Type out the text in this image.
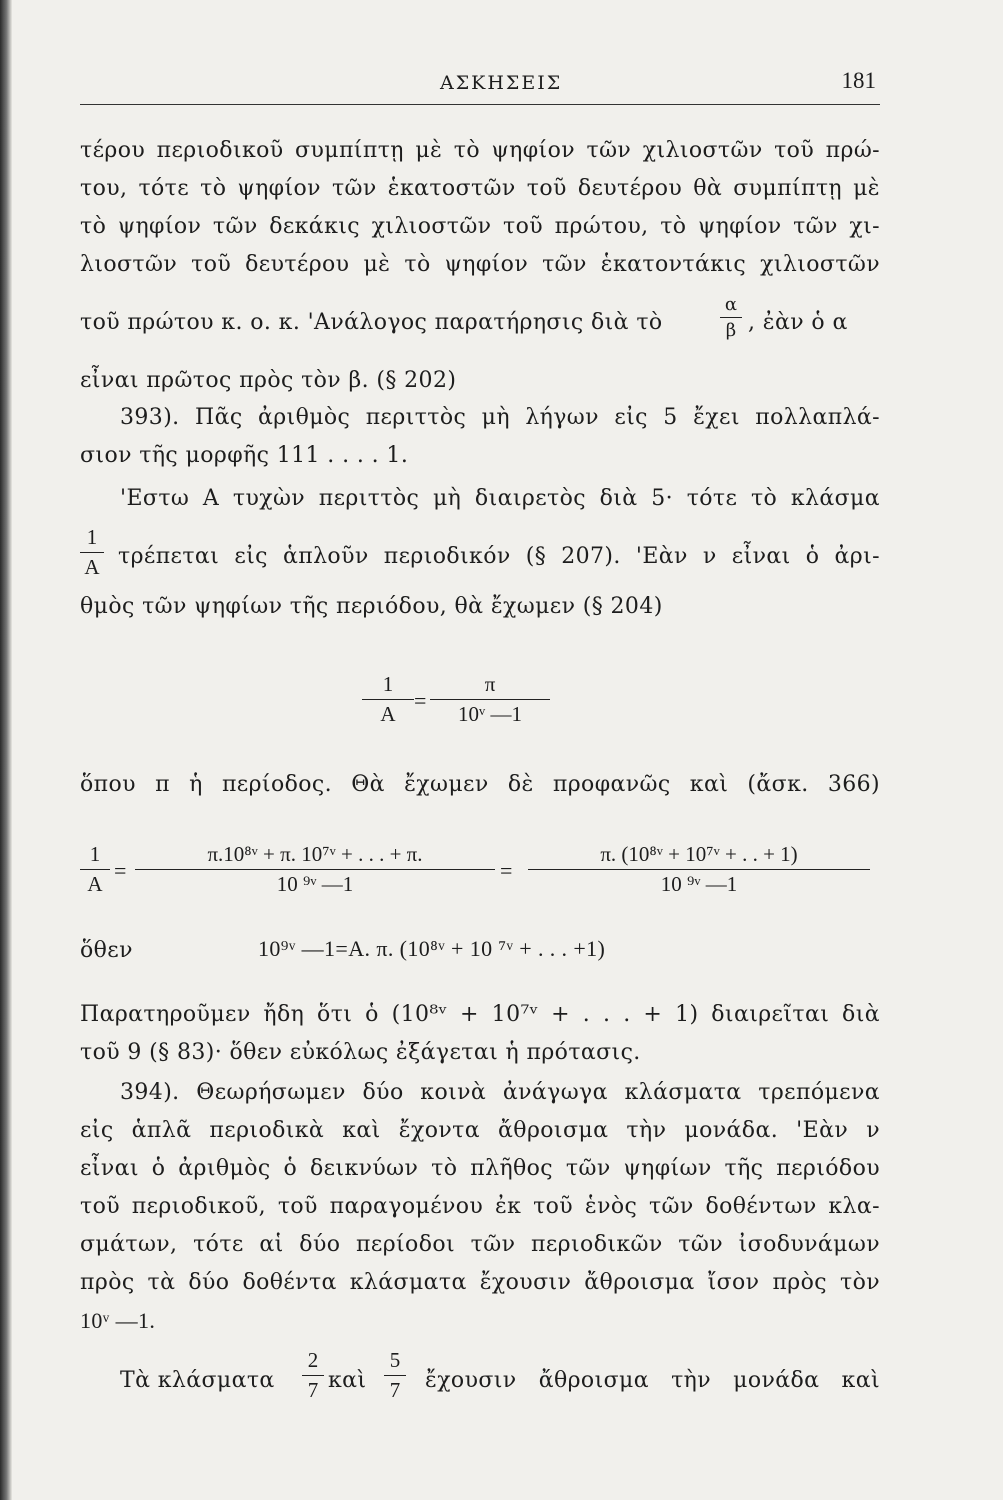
ΑΣΚΗΣΕΙΣ	181
τέρου περιοδικοῦ συμπίπτῃ μὲ τὸ ψηφίον τῶν χιλιοστῶν τοῦ πρώ-
του, τότε τὸ ψηφίον τῶν ἑκατοστῶν τοῦ δευτέρου θὰ συμπίπτῃ μὲ
τὸ ψηφίον τῶν δεκάκις χιλιοστῶν τοῦ πρώτου, τὸ ψηφίον τῶν χι-
λιοστῶν τοῦ δευτέρου μὲ τὸ ψηφίον τῶν ἑκατοντάκις χιλιοστῶν
τοῦ πρώτου κ. ο. κ. 'Ανάλογος παρατήρησις διὰ τὸ
α
β , ἐὰν ὁ α
εἶναι πρῶτος πρὸς τὸν β. (§ 202)
393). Πᾶς ἀριθμὸς περιττὸς μὴ λήγων εἰς 5 ἔχει πολλαπλά-
σιον τῆς μορφῆς 111 . . . . 1.
'Εστω Α τυχὼν περιττὸς μὴ διαιρετὸς διὰ 5· τότε τὸ κλάσμα
1
Α τρέπεται εἰς ἁπλοῦν περιοδικόν (§ 207). 'Εὰν ν εἶναι ὁ ἀρι-
θμὸς τῶν ψηφίων τῆς περιόδου, θὰ ἔχωμεν (§ 204)
1
Α
=
π
10ᵛ —1
ὅπου π ἡ περίοδος. Θὰ ἔχωμεν δὲ προφανῶς καὶ (ἄσκ. 366)
1
Α
=
π.10⁸ᵛ + π. 10⁷ᵛ + . . . + π.
10 ⁹ᵛ —1
=
π. (10⁸ᵛ + 10⁷ᵛ + . . + 1)
10 ⁹ᵛ —1
ὅθεν	10⁹ᵛ —1=Α. π. (10⁸ᵛ + 10 ⁷ᵛ + . . . +1)
Παρατηροῦμεν ἤδη ὅτι ὁ (10⁸ᵛ + 10⁷ᵛ + . . . + 1) διαιρεῖται διὰ
τοῦ 9 (§ 83)· ὅθεν εὐκόλως ἐξάγεται ἡ πρότασις.
394). Θεωρήσωμεν δύο κοινὰ ἀνάγωγα κλάσματα τρεπόμενα
εἰς ἁπλᾶ περιοδικὰ καὶ ἔχοντα ἄθροισμα τὴν μονάδα. 'Εὰν ν
εἶναι ὁ ἀριθμὸς ὁ δεικνύων τὸ πλῆθος τῶν ψηφίων τῆς περιόδου
τοῦ περιοδικοῦ, τοῦ παραγομένου ἐκ τοῦ ἑνὸς τῶν δοθέντων κλα-
σμάτων, τότε αἱ δύο περίοδοι τῶν περιοδικῶν τῶν ἰσοδυνάμων
πρὸς τὰ δύο δοθέντα κλάσματα ἔχουσιν ἄθροισμα ἴσον πρὸς τὸν
10ᵛ —1.
Τὰ κλάσματα
2
7 καὶ
5
7 ἔχουσιν ἄθροισμα τὴν μονάδα καὶ
